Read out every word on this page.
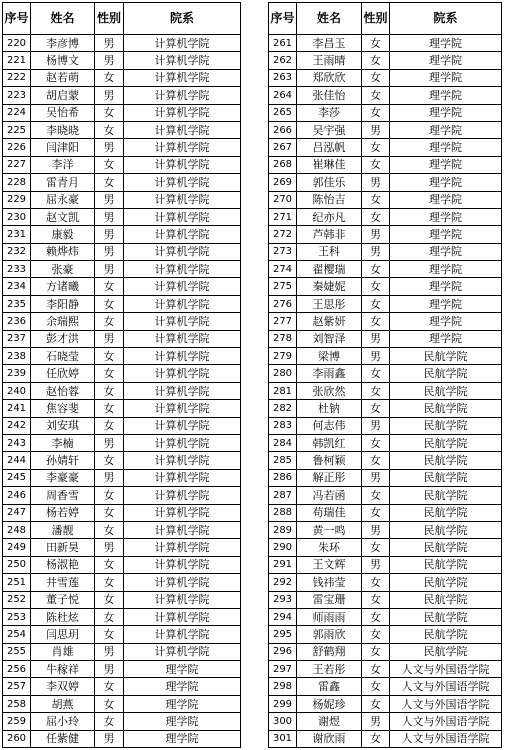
序号	姓名	性别	院系
220	李彦博	男	计算机学院
221	杨博文	男	计算机学院
222	赵若萌	女	计算机学院
223	胡启蒙	男	计算机学院
224	吴怡希	女	计算机学院
225	李晓晓	女	计算机学院
226	闫津阳	男	计算机学院
227	李洋	女	计算机学院
228	雷青月	女	计算机学院
229	屈永豪	男	计算机学院
230	赵文凯	男	计算机学院
231	康毅	男	计算机学院
232	赖烨炜	男	计算机学院
233	张豪	男	计算机学院
234	方诸曦	女	计算机学院
235	李阳静	女	计算机学院
236	余瑞熙	女	计算机学院
237	彭才洪	男	计算机学院
238	石晓莹	女	计算机学院
239	任欣婷	女	计算机学院
240	赵怡蓉	女	计算机学院
241	焦容斐	女	计算机学院
242	刘安琪	女	计算机学院
243	李楠	男	计算机学院
244	孙婧轩	女	计算机学院
245	李豪豪	男	计算机学院
246	周香雪	女	计算机学院
247	杨若婷	女	计算机学院
248	潘靓	女	计算机学院
249	田新昊	男	计算机学院
250	杨淑艳	女	计算机学院
251	井雪莲	女	计算机学院
252	董子悦	女	计算机学院
253	陈杜炫	女	计算机学院
254	闫思玥	女	计算机学院
255	肖雄	男	计算机学院
256	牛稼祥	男	理学院
257	李双婷	女	理学院
258	胡燕	女	理学院
259	屈小玲	女	理学院
260	任紫健	男	理学院
序号	姓名	性别	院系
261	李昌玉	女	理学院
262	王雨晴	女	理学院
263	郑欣欣	女	理学院
264	张佳怡	女	理学院
265	李莎	女	理学院
266	吴宇强	男	理学院
267	吕泓帆	女	理学院
268	崔琳佳	女	理学院
269	郭佳乐	男	理学院
270	陈怡吉	女	理学院
271	纪亦凡	女	理学院
272	芦韩非	男	理学院
273	王科	男	理学院
274	翟樱瑞	女	理学院
275	秦婕妮	女	理学院
276	王思彤	女	理学院
277	赵紫妍	女	理学院
278	刘智泽	男	理学院
279	梁博	男	民航学院
280	李雨鑫	女	民航学院
281	张欣然	女	民航学院
282	杜钠	女	民航学院
283	何志伟	男	民航学院
284	韩凯红	女	民航学院
285	鲁柯颖	女	民航学院
286	解正彤	男	民航学院
287	冯若函	女	民航学院
288	苟瑞佳	女	民航学院
289	黄一鸣	男	民航学院
290	朱环	女	民航学院
291	王文辉	男	民航学院
292	钱祎莹	女	民航学院
293	雷宝珊	女	民航学院
294	师雨雨	女	民航学院
295	郭雨欣	女	民航学院
296	舒鹤翔	女	民航学院
297	王若彤	女	人文与外国语学院
298	雷鑫	女	人文与外国语学院
299	杨妮珍	女	人文与外国语学院
300	谢煜	男	人文与外国语学院
301	谢欣雨	女	人文与外国语学院
